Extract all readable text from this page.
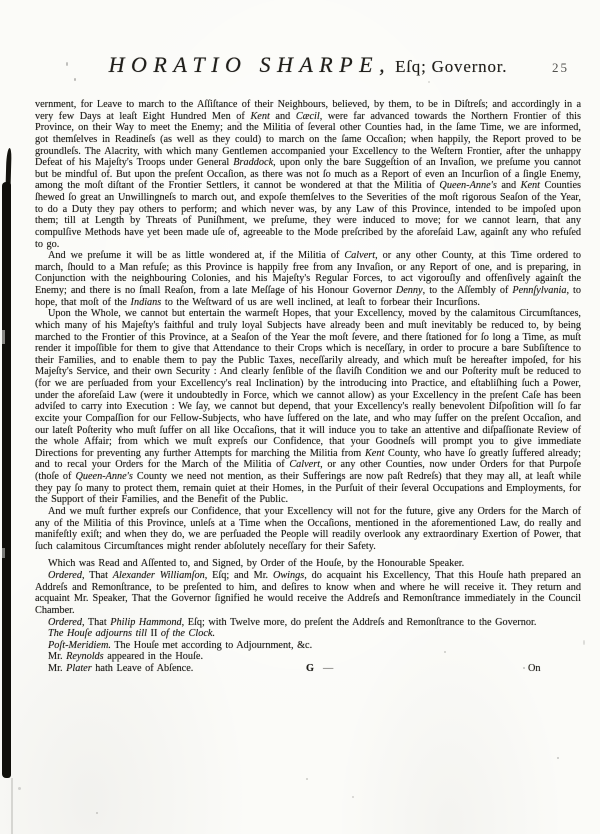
HORATIO SHARPE, Eſq; Governor.	25

vernment, for Leave to march to the Aſſiſtance of their Neighbours, believed, by them, to be in Diſtreſs; and accordingly in a very few Days at leaſt Eight Hundred Men of Kent and Cæcil, were far advanced towards the Northern Frontier of this Province, on their Way to meet the Enemy; and the Militia of ſeveral other Counties had, in the ſame Time, we are informed, got themſelves in Readineſs (as well as they could) to march on the ſame Occaſion; when happily, the Report proved to be groundleſs. The Alacrity, with which many Gentlemen accompanied your Excellency to the Weſtern Frontier, after the unhappy Defeat of his Majeſty's Troops under General Braddock, upon only the bare Suggeſtion of an Invaſion, we preſume you cannot but be mindful of. But upon the preſent Occaſion, as there was not ſo much as a Report of even an Incurſion of a ſingle Enemy, among the moſt diſtant of the Frontier Settlers, it cannot be wondered at that the Militia of Queen-Anne's and Kent Counties ſhewed ſo great an Unwillingneſs to march out, and expoſe themſelves to the Severities of the moſt rigorous Seaſon of the Year, to do a Duty they pay others to perform; and which never was, by any Law of this Province, intended to be impoſed upon them; till at Length by Threats of Puniſhment, we preſume, they were induced to move; for we cannot learn, that any compulſive Methods have yet been made uſe of, agreeable to the Mode preſcribed by the aforeſaid Law, againſt any who refuſed to go.

And we preſume it will be as little wondered at, if the Militia of Calvert, or any other County, at this Time ordered to march, ſhould to a Man refuſe; as this Province is happily free from any Invaſion, or any Report of one, and is preparing, in Conjunction with the neighbouring Colonies, and his Majeſty's Regular Forces, to act vigorouſly and offenſively againſt the Enemy; and there is no ſmall Reaſon, from a late Meſſage of his Honour Governor Denny, to the Aſſembly of Pennſylvania, to hope, that moſt of the Indians to the Weſtward of us are well inclined, at leaſt to forbear their Incurſions.

Upon the Whole, we cannot but entertain the warmeſt Hopes, that your Excellency, moved by the calamitous Circumſtances, which many of his Majeſty's faithful and truly loyal Subjects have already been and muſt inevitably be reduced to, by being marched to the Frontier of this Province, at a Seaſon of the Year the moſt ſevere, and there ſtationed for ſo long a Time, as muſt render it impoſſible for them to give that Attendance to their Crops which is neceſſary, in order to procure a bare Subſiſtence to their Families, and to enable them to pay the Public Taxes, neceſſarily already, and which muſt be hereafter impoſed, for his Majeſty's Service, and their own Security : And clearly ſenſible of the ſlaviſh Condition we and our Poſterity muſt be reduced to (for we are perſuaded from your Excellency's real Inclination) by the introducing into Practice, and eſtabliſhing ſuch a Power, under the aforeſaid Law (were it undoubtedly in Force, which we cannot allow) as your Excellency in the preſent Caſe has been adviſed to carry into Execution : We ſay, we cannot but depend, that your Excellency's really benevolent Diſpoſition will ſo far excite your Compaſſion for our Fellow-Subjects, who have ſuffered on the late, and who may ſuffer on the preſent Occaſion, and our lateſt Poſterity who muſt ſuffer on all like Occaſions, that it will induce you to take an attentive and diſpaſſionate Review of the whole Affair; from which we muſt expreſs our Confidence, that your Goodneſs will prompt you to give immediate Directions for preventing any further Attempts for marching the Militia from Kent County, who have ſo greatly ſuffered already; and to recal your Orders for the March of the Militia of Calvert, or any other Counties, now under Orders for that Purpoſe (thoſe of Queen-Anne's County we need not mention, as their Sufferings are now paſt Redreſs) that they may all, at leaſt while they pay ſo many to protect them, remain quiet at their Homes, in the Purſuit of their ſeveral Occupations and Employments, for the Support of their Families, and the Benefit of the Public.

And we muſt further expreſs our Confidence, that your Excellency will not for the future, give any Orders for the March of any of the Militia of this Province, unleſs at a Time when the Occaſions, mentioned in the aforementioned Law, do really and manifeſtly exiſt; and when they do, we are perſuaded the People will readily overlook any extraordinary Exertion of Power, that ſuch calamitous Circumſtances might render abſolutely neceſſary for their Safety.

Which was Read and Aſſented to, and Signed, by Order of the Houſe, by the Honourable Speaker.

Ordered, That Alexander Williamſon, Eſq; and Mr. Owings, do acquaint his Excellency, That this Houſe hath prepared an Addreſs and Remonſtrance, to be preſented to him, and deſires to know when and where he will receive it. They return and acquaint Mr. Speaker, That the Governor ſignified he would receive the Addreſs and Remonſtrance immediately in the Council Chamber.

Ordered, That Philip Hammond, Eſq; with Twelve more, do preſent the Addreſs and Remonſtrance to the Governor.

The Houſe adjourns till II of the Clock.

Poſt-Meridiem. The Houſe met according to Adjournment, &c.

Mr. Reynolds appeared in the Houſe.

Mr. Plater hath Leave of Abſence.	G —	On
